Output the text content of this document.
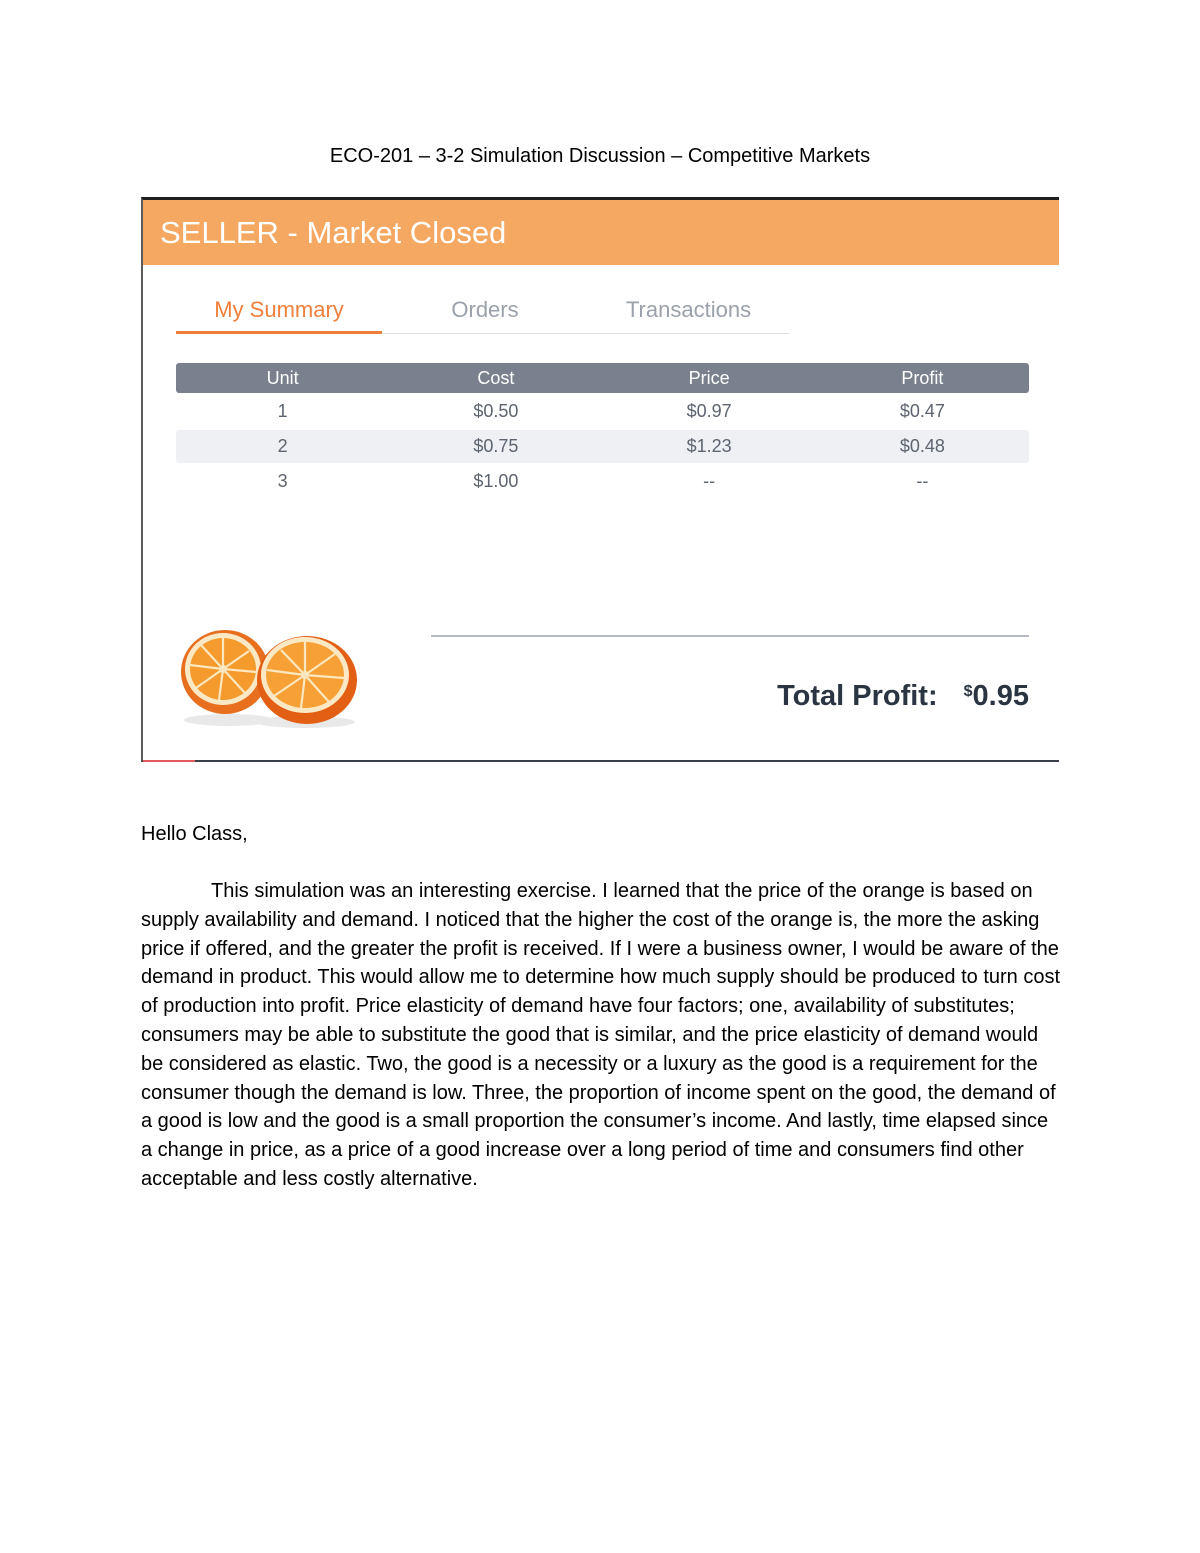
ECO-201 – 3-2 Simulation Discussion – Competitive Markets
SELLER - Market Closed
My Summary	Orders	Transactions
Unit	Cost	Price	Profit
1	$0.50	$0.97	$0.47
2	$0.75	$1.23	$0.48
3	$1.00	--	--
Total Profit: $0.95
Hello Class,

This simulation was an interesting exercise. I learned that the price of the orange is based on supply availability and demand. I noticed that the higher the cost of the orange is, the more the asking price if offered, and the greater the profit is received. If I were a business owner, I would be aware of the demand in product. This would allow me to determine how much supply should be produced to turn cost of production into profit. Price elasticity of demand have four factors; one, availability of substitutes; consumers may be able to substitute the good that is similar, and the price elasticity of demand would be considered as elastic. Two, the good is a necessity or a luxury as the good is a requirement for the consumer though the demand is low. Three, the proportion of income spent on the good, the demand of a good is low and the good is a small proportion the consumer’s income. And lastly, time elapsed since a change in price, as a price of a good increase over a long period of time and consumers find other acceptable and less costly alternative.
